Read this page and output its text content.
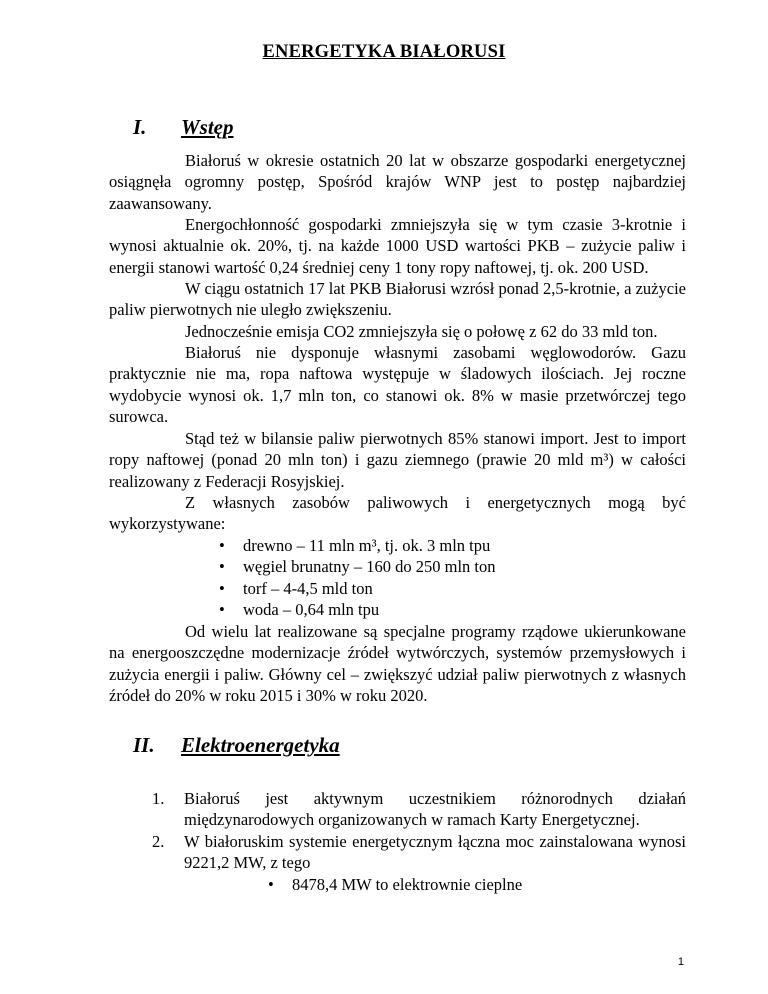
ENERGETYKA BIAŁORUSI
I. Wstęp

Białoruś w okresie ostatnich 20 lat w obszarze gospodarki energetycznej osiągnęła ogromny postęp, Spośród krajów WNP jest to postęp najbardziej zaawansowany.

Energochłonność gospodarki zmniejszyła się w tym czasie 3-krotnie i wynosi aktualnie ok. 20%, tj. na każde 1000 USD wartości PKB – zużycie paliw i energii stanowi wartość 0,24 średniej ceny 1 tony ropy naftowej, tj. ok. 200 USD.

W ciągu ostatnich 17 lat PKB Białorusi wzrósł ponad 2,5-krotnie, a zużycie paliw pierwotnych nie uległo zwiększeniu.

Jednocześnie emisja CO2 zmniejszyła się o połowę z 62 do 33 mld ton.

Białoruś nie dysponuje własnymi zasobami węglowodorów. Gazu praktycznie nie ma, ropa naftowa występuje w śladowych ilościach. Jej roczne wydobycie wynosi ok. 1,7 mln ton, co stanowi ok. 8% w masie przetwórczej tego surowca.

Stąd też w bilansie paliw pierwotnych 85% stanowi import. Jest to import ropy naftowej (ponad 20 mln ton) i gazu ziemnego (prawie 20 mld m³) w całości realizowany z Federacji Rosyjskiej.

Z własnych zasobów paliwowych i energetycznych mogą być wykorzystywane:

• drewno – 11 mln m³, tj. ok. 3 mln tpu
• węgiel brunatny – 160 do 250 mln ton
• torf – 4-4,5 mld ton
• woda – 0,64 mln tpu

Od wielu lat realizowane są specjalne programy rządowe ukierunkowane na energooszczędne modernizacje źródeł wytwórczych, systemów przemysłowych i zużycia energii i paliw. Główny cel – zwiększyć udział paliw pierwotnych z własnych źródeł do 20% w roku 2015 i 30% w roku 2020.

II. Elektroenergetyka
1. Białoruś jest aktywnym uczestnikiem różnorodnych działań międzynarodowych organizowanych w ramach Karty Energetycznej.
2. W białoruskim systemie energetycznym łączna moc zainstalowana wynosi 9221,2 MW, z tego
• 8478,4 MW to elektrownie cieplne
1
